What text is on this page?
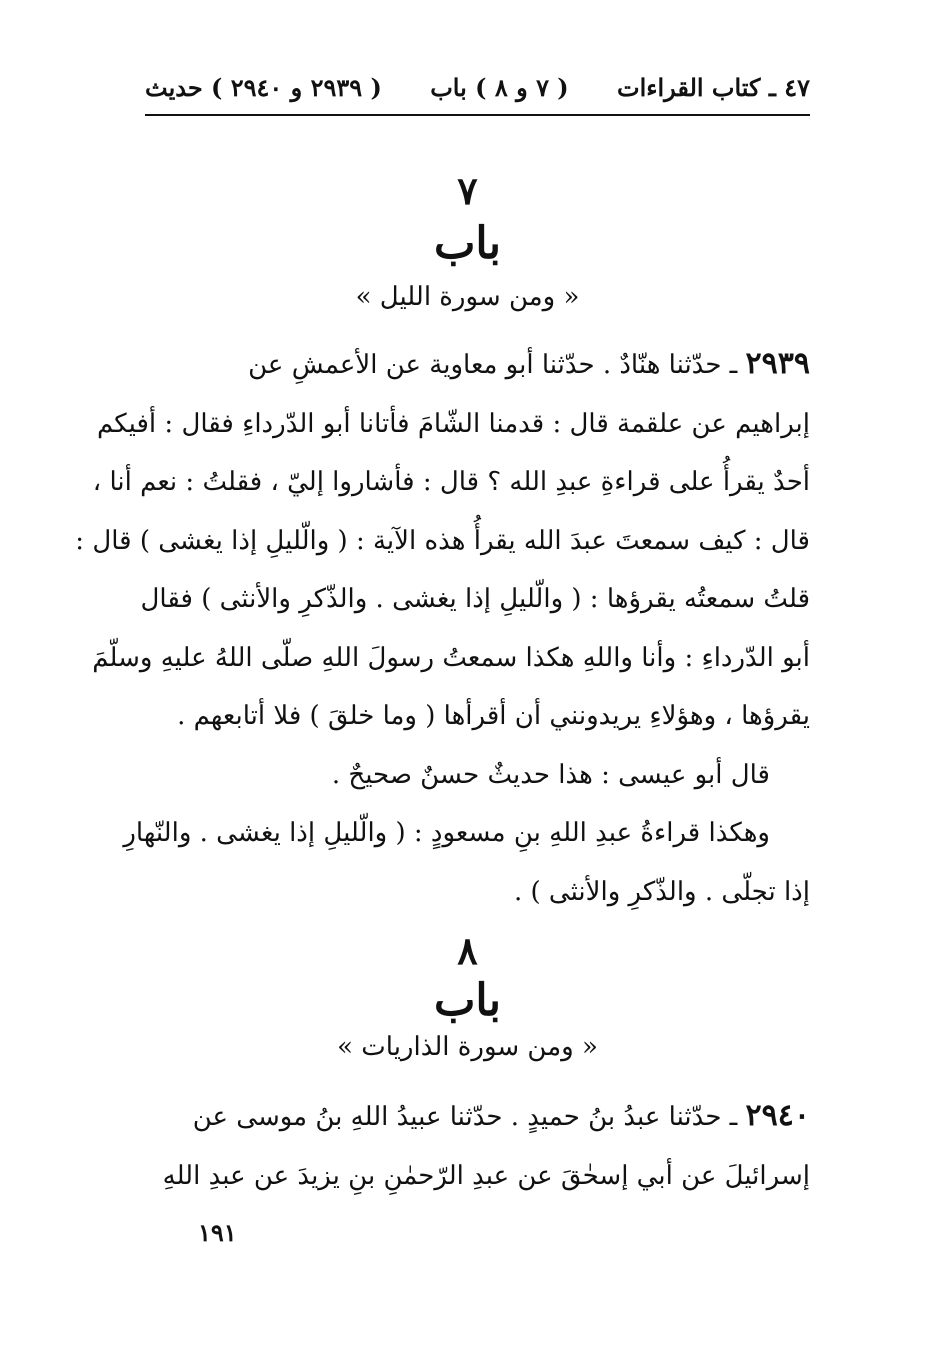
٤٧ ـ كتاب القراءات
( ٧ و ٨ ) باب
( ٢٩٣٩ و ٢٩٤٠ ) حديث
٧
باب
« ومن سورة الليل »
٢٩٣٩ ـ حدّثنا هنّادٌ . حدّثنا أبو معاوية عن الأعمشِ عن
إبراهيم عن علقمة قال : قدمنا الشّامَ فأتانا أبو الدّرداءِ فقال : أفيكم
أحدٌ يقرأُ على قراءةِ عبدِ الله ؟ قال : فأشاروا إليّ ، فقلتُ : نعم أنا ،
قال : كيف سمعتَ عبدَ الله يقرأُ هذه الآية : ( والّليلِ إذا يغشى ) قال :
قلتُ سمعتُه يقرؤها : ( والّليلِ إذا يغشى . والذّكرِ والأنثى ) فقال
أبو الدّرداءِ : وأنا واللهِ هكذا سمعتُ رسولَ اللهِ صلّى اللهُ عليهِ وسلّمَ
يقرؤها ، وهؤلاءِ يريدونني أن أقرأها ( وما خلقَ ) فلا أتابعهم .
قال أبو عيسى : هذا حديثٌ حسنٌ صحيحٌ .
وهكذا قراءةُ عبدِ اللهِ بنِ مسعودٍ : ( والّليلِ إذا يغشى . والنّهارِ
إذا تجلّى . والذّكرِ والأنثى ) .
٨
باب
« ومن سورة الذاريات »
٢٩٤٠ ـ حدّثنا عبدُ بنُ حميدٍ . حدّثنا عبيدُ اللهِ بنُ موسى عن
إسرائيلَ عن أبي إسحٰقَ عن عبدِ الرّحمٰنِ بنِ يزيدَ عن عبدِ اللهِ
١٩١
